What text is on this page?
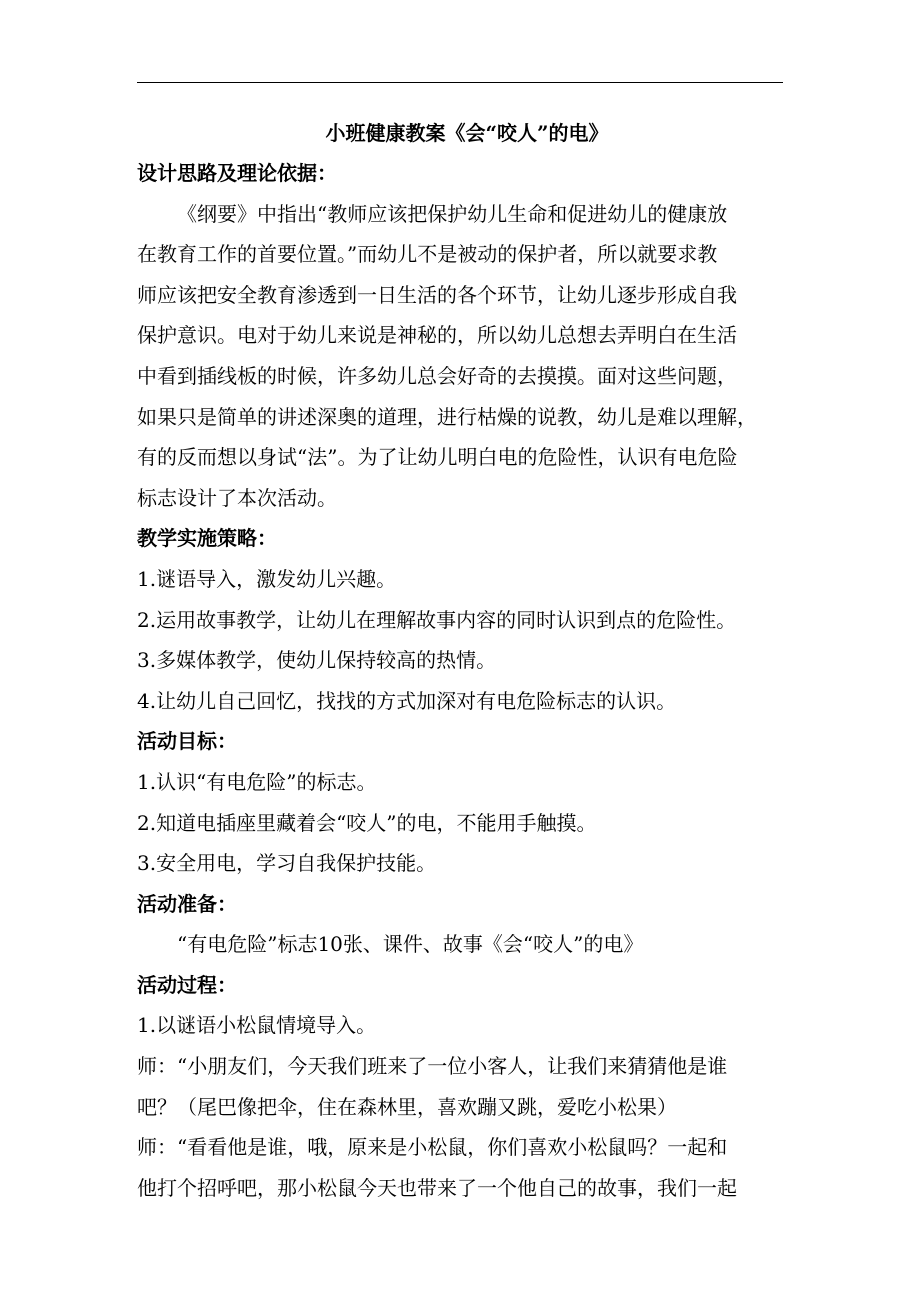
小班健康教案《会“咬人”的电》

设计思路及理论依据：

《纲要》中指出“教师应该把保护幼儿生命和促进幼儿的健康放
在教育工作的首要位置。”而幼儿不是被动的保护者，所以就要求教
师应该把安全教育渗透到一日生活的各个环节，让幼儿逐步形成自我
保护意识。电对于幼儿来说是神秘的，所以幼儿总想去弄明白在生活
中看到插线板的时候，许多幼儿总会好奇的去摸摸。面对这些问题，
如果只是简单的讲述深奥的道理，进行枯燥的说教，幼儿是难以理解，
有的反而想以身试“法”。为了让幼儿明白电的危险性，认识有电危险
标志设计了本次活动。

教学实施策略：

1.谜语导入，激发幼儿兴趣。

2.运用故事教学，让幼儿在理解故事内容的同时认识到点的危险性。

3.多媒体教学，使幼儿保持较高的热情。

4.让幼儿自己回忆，找找的方式加深对有电危险标志的认识。

活动目标：

1.认识“有电危险”的标志。

2.知道电插座里藏着会“咬人”的电，不能用手触摸。

3.安全用电，学习自我保护技能。

活动准备：

“有电危险”标志10张、课件、故事《会“咬人”的电》

活动过程：

1.以谜语小松鼠情境导入。

师：“小朋友们，今天我们班来了一位小客人，让我们来猜猜他是谁

吧？（尾巴像把伞，住在森林里，喜欢蹦又跳，爱吃小松果）

师：“看看他是谁，哦，原来是小松鼠，你们喜欢小松鼠吗？一起和

他打个招呼吧，那小松鼠今天也带来了一个他自己的故事，我们一起
